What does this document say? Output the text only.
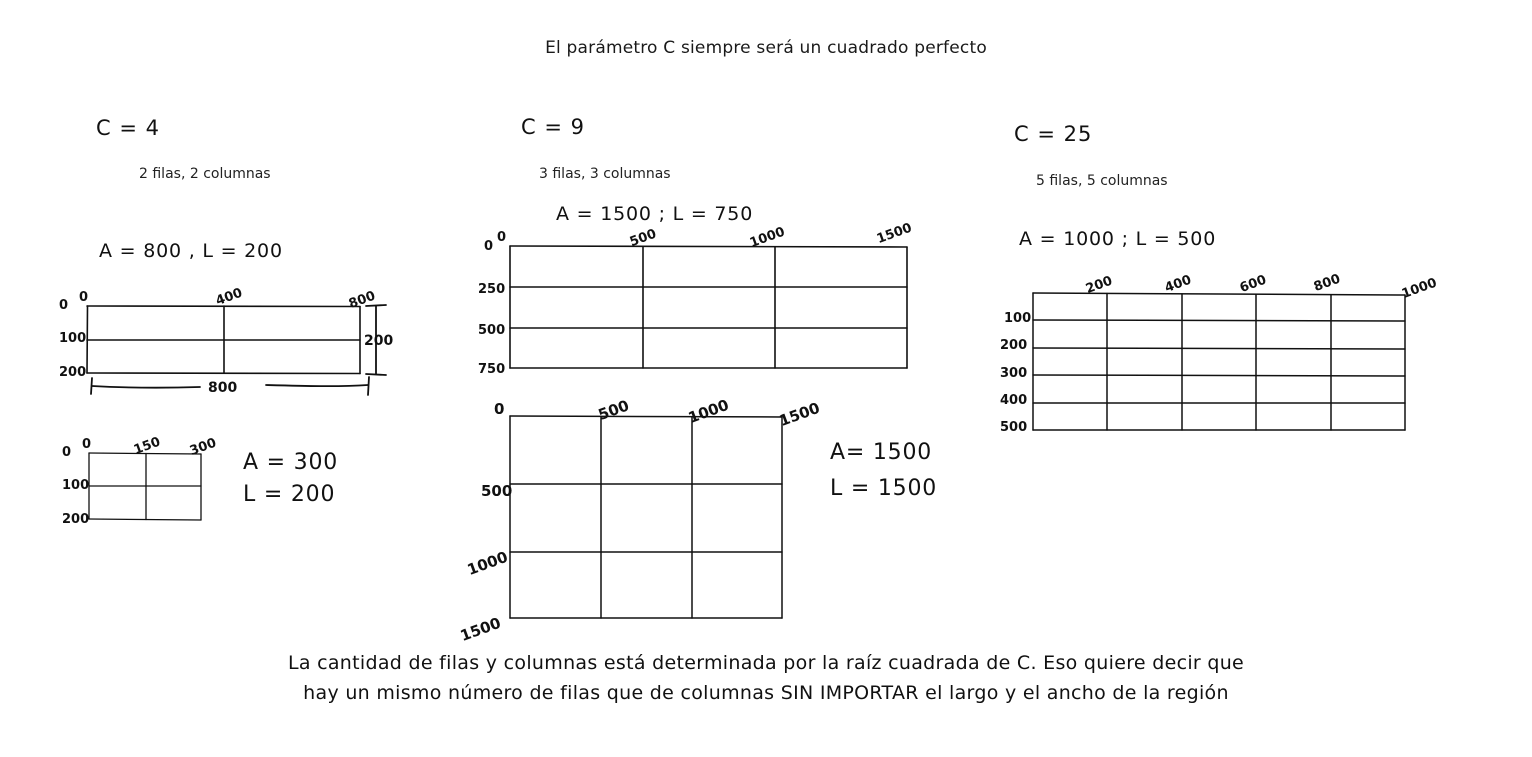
El parámetro C siempre será un cuadrado perfecto
C = 4
2 filas, 2 columnas
A = 800 , L = 200
0	400	800
0
100
200
200
800
0	150 300
0
100
200
A = 300
L = 200
C = 9
3 filas, 3 columnas
A = 1500 ; L = 750
0	500	1000	1500
0
250
500
750
0	500	1000	1500
500
1000
1500
A= 1500
L = 1500
C = 25
5 filas, 5 columnas
A = 1000 ; L = 500
200	400	600	800	1000
100
200
300
400
500
La cantidad de filas y columnas está determinada por la raíz cuadrada de C. Eso quiere decir que
hay un mismo número de filas que de columnas SIN IMPORTAR el largo y el ancho de la región
